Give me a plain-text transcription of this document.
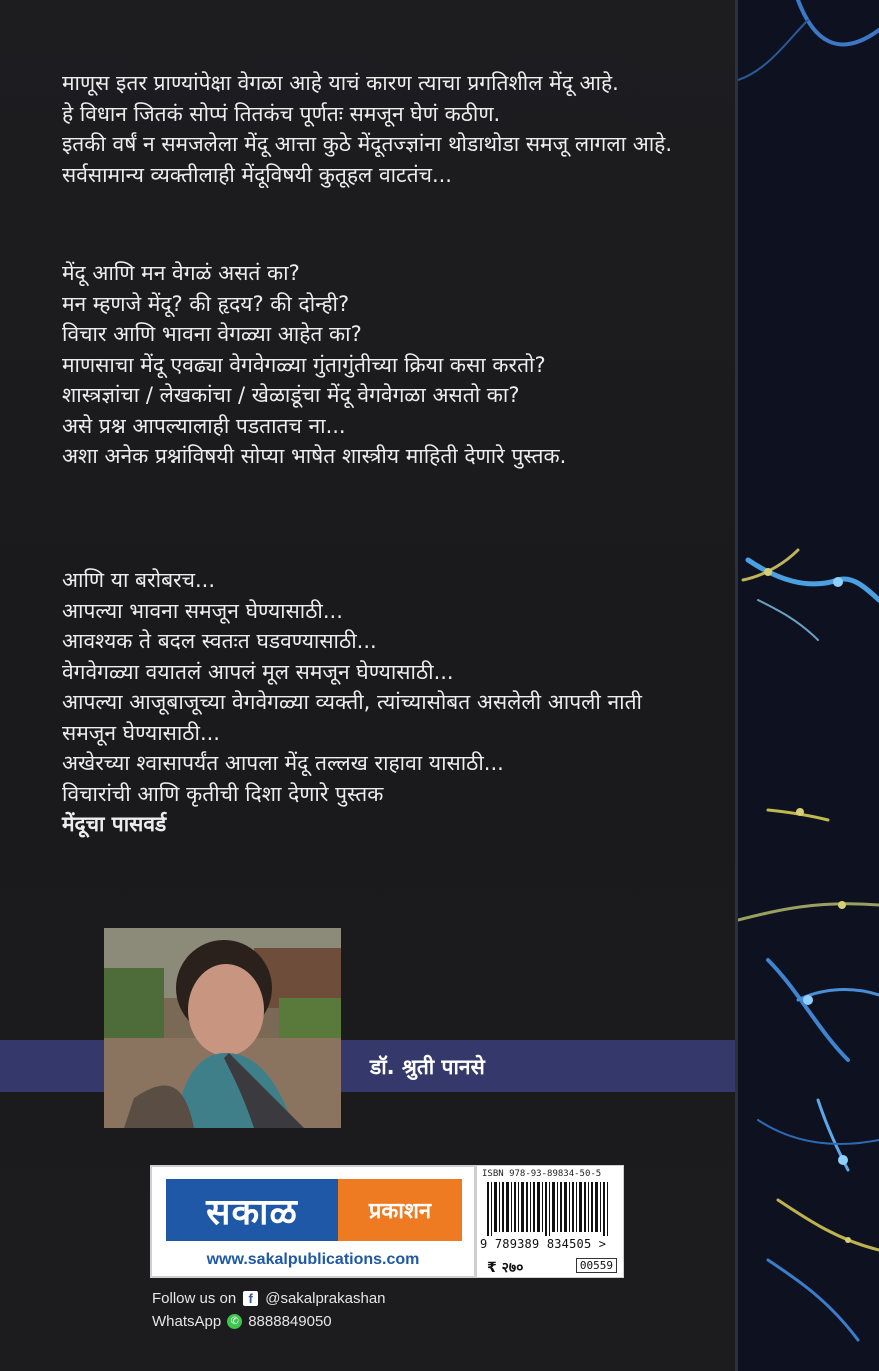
माणूस इतर प्राण्यांपेक्षा वेगळा आहे याचं कारण त्याचा प्रगतिशील मेंदू आहे.
हे विधान जितकं सोप्पं तितकंच पूर्णतः समजून घेणं कठीण.
इतकी वर्षं न समजलेला मेंदू आत्ता कुठे मेंदूतज्ज्ञांना थोडाथोडा समजू लागला आहे.
सर्वसामान्य व्यक्तीलाही मेंदूविषयी कुतूहल वाटतंच...
मेंदू आणि मन वेगळं असतं का?
मन म्हणजे मेंदू? की हृदय? की दोन्ही?
विचार आणि भावना वेगळ्या आहेत का?
माणसाचा मेंदू एवढ्या वेगवेगळ्या गुंतागुंतीच्या क्रिया कसा करतो?
शास्त्रज्ञांचा / लेखकांचा / खेळाडूंचा मेंदू वेगवेगळा असतो का?
असे प्रश्न आपल्यालाही पडतातच ना...
अशा अनेक प्रश्नांविषयी सोप्या भाषेत शास्त्रीय माहिती देणारे पुस्तक.
आणि या बरोबरच...
आपल्या भावना समजून घेण्यासाठी...
आवश्यक ते बदल स्वतःत घडवण्यासाठी...
वेगवेगळ्या वयातलं आपलं मूल समजून घेण्यासाठी...
आपल्या आजूबाजूच्या वेगवेगळ्या व्यक्ती, त्यांच्यासोबत असलेली आपली नाती
समजून घेण्यासाठी...
अखेरच्या श्वासापर्यंत आपला मेंदू तल्लख राहावा यासाठी...
विचारांची आणि कृतीची दिशा देणारे पुस्तक
मेंदूचा पासवर्ड
डॉ. श्रुती पानसे
सकाळ	प्रकाशन
www.sakalpublications.com
ISBN 978-93-89834-50-5
9 789389 834505 >
₹ २७०	00559
सेल्फ हेल्प
Follow us on f @sakalprakashan
WhatsApp ✆ 8888849050
